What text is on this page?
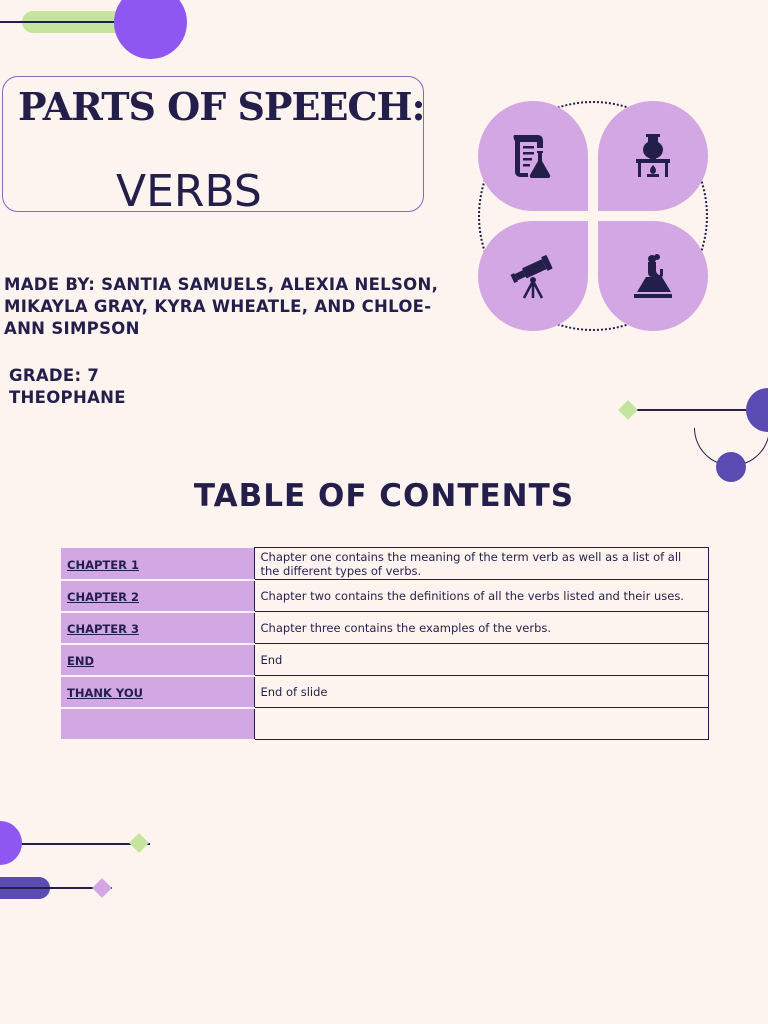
PARTS OF SPEECH:
VERBS
MADE BY: SANTIA SAMUELS, ALEXIA NELSON, MIKAYLA GRAY, KYRA WHEATLE, AND CHLOE-ANN SIMPSON
GRADE: 7
THEOPHANE
TABLE OF CONTENTS
CHAPTER 1	Chapter one contains the meaning of the term verb as well as a list of all the different types of verbs.
CHAPTER 2	Chapter two contains the definitions of all the verbs listed and their uses.
CHAPTER 3	Chapter three contains the examples of the verbs.
END	End
THANK YOU	End of slide
